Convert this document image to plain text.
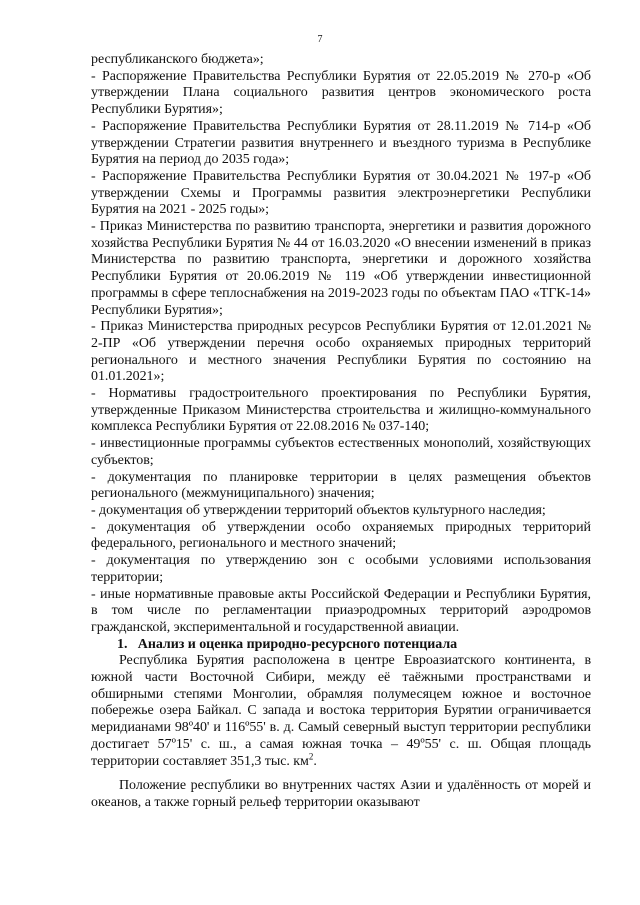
7

республиканского бюджета»;

- Распоряжение Правительства Республики Бурятия от 22.05.2019 № 270-р «Об утверждении Плана социального развития центров экономического роста Республики Бурятия»;

- Распоряжение Правительства Республики Бурятия от 28.11.2019 № 714-р «Об утверждении Стратегии развития внутреннего и въездного туризма в Республике Бурятия на период до 2035 года»;

- Распоряжение Правительства Республики Бурятия от 30.04.2021 № 197-р «Об утверждении Схемы и Программы развития электроэнергетики Республики Бурятия на 2021 - 2025 годы»;

- Приказ Министерства по развитию транспорта, энергетики и развития дорожного хозяйства Республики Бурятия № 44 от 16.03.2020 «О внесении изменений в приказ Министерства по развитию транспорта, энергетики и дорожного хозяйства Республики Бурятия от 20.06.2019 № 119 «Об утверждении инвестиционной программы в сфере теплоснабжения на 2019-2023 годы по объектам ПАО «ТГК-14» Республики Бурятия»;

- Приказ Министерства природных ресурсов Республики Бурятия от 12.01.2021 № 2-ПР «Об утверждении перечня особо охраняемых природных территорий регионального и местного значения Республики Бурятия по состоянию на 01.01.2021»;

- Нормативы градостроительного проектирования по Республики Бурятия, утвержденные Приказом Министерства строительства и жилищно-коммунального комплекса Республики Бурятия от 22.08.2016 № 037-140;

- инвестиционные программы субъектов естественных монополий, хозяйствующих субъектов;

- документация по планировке территории в целях размещения объектов регионального (межмуниципального) значения;

- документация об утверждении территорий объектов культурного наследия;

- документация об утверждении особо охраняемых природных территорий федерального, регионального и местного значений;

- документация по утверждению зон с особыми условиями использования территории;

- иные нормативные правовые акты Российской Федерации и Республики Бурятия, в том числе по регламентации приаэродромных территорий аэродромов гражданской, экспериментальной и государственной авиации.

1. Анализ и оценка природно-ресурсного потенциала

Республика Бурятия расположена в центре Евроазиатского континента, в южной части Восточной Сибири, между её таёжными пространствами и обширными степями Монголии, обрамляя полумесяцем южное и восточное побережье озера Байкал. С запада и востока территория Бурятии ограничивается меридианами 98º40' и 116º55' в. д. Самый северный выступ территории республики достигает 57º15' с. ш., а самая южная точка – 49º55' с. ш. Общая площадь территории составляет 351,3 тыс. $км^2$.

Положение республики во внутренних частях Азии и удалённость от морей и океанов, а также горный рельеф территории оказывают
